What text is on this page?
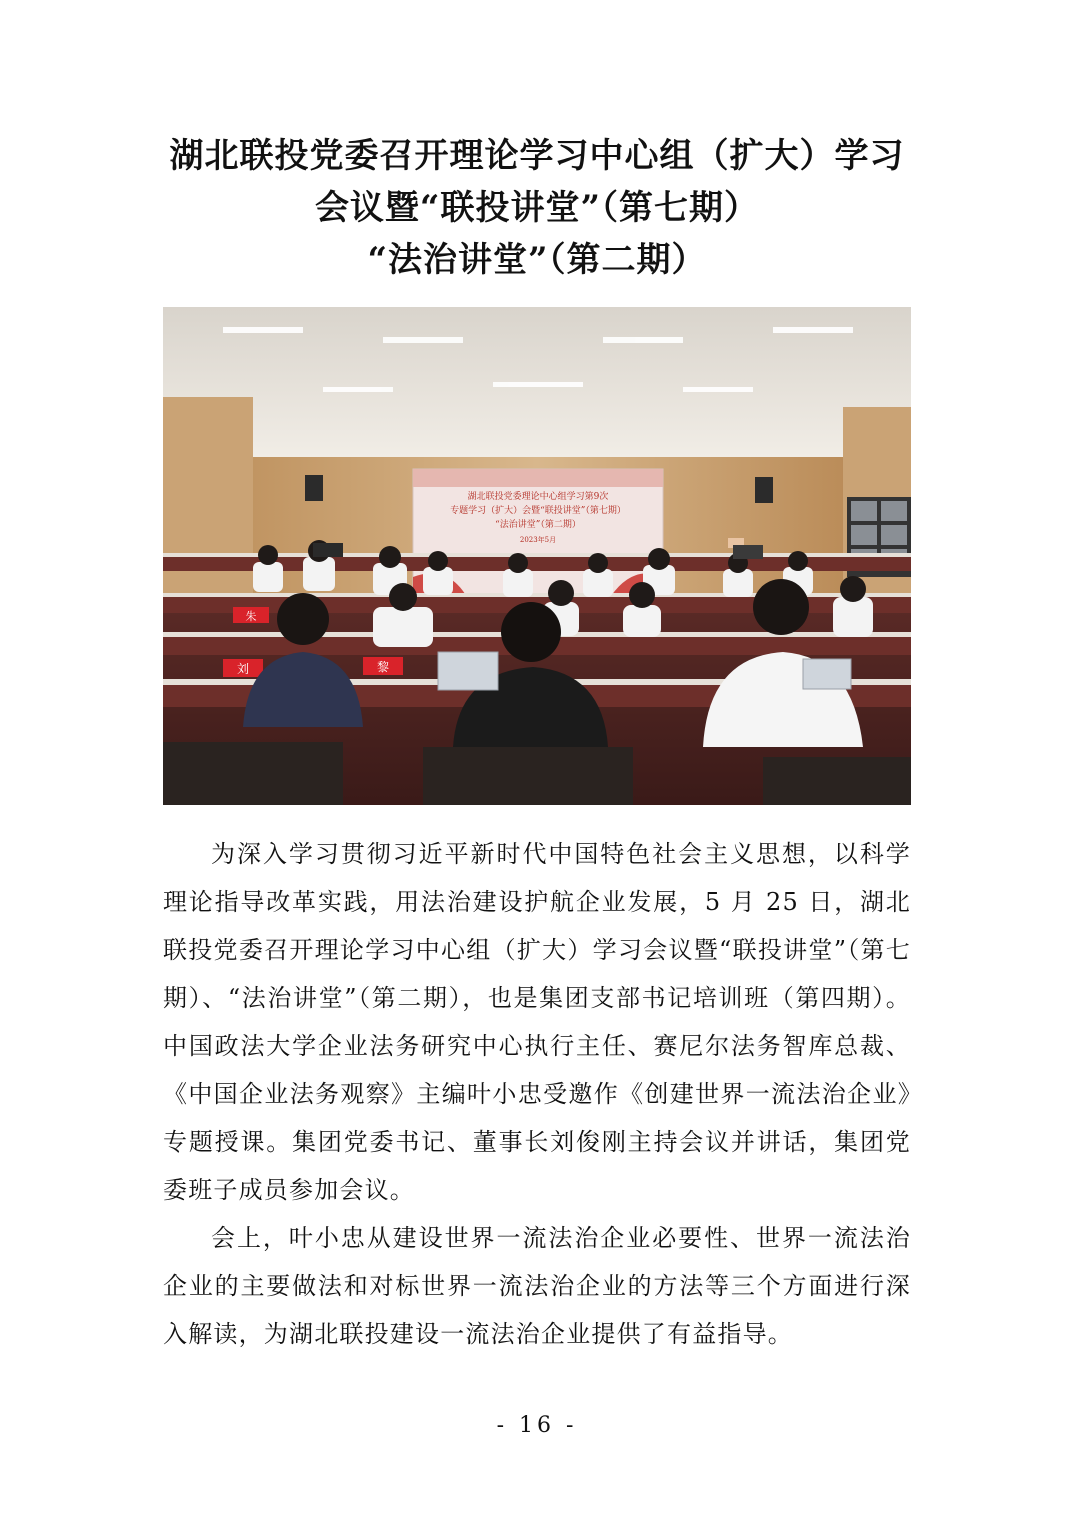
湖北联投党委召开理论学习中心组（扩大）学习
会议暨“联投讲堂”（第七期）
“法治讲堂”（第二期）
湖北联投党委理论中心组学习第9次
专题学习（扩大）会暨“联投讲堂”（第七期）
“法治讲堂”（第二期）
2023年5月
刘	黎
朱

为深入学习贯彻习近平新时代中国特色社会主义思想，以科学理论指导改革实践，用法治建设护航企业发展，5 月 25 日，湖北联投党委召开理论学习中心组（扩大）学习会议暨“联投讲堂”（第七期）、“法治讲堂”（第二期），也是集团支部书记培训班（第四期）。中国政法大学企业法务研究中心执行主任、赛尼尔法务智库总裁、《中国企业法务观察》主编叶小忠受邀作《创建世界一流法治企业》专题授课。集团党委书记、董事长刘俊刚主持会议并讲话，集团党委班子成员参加会议。

会上，叶小忠从建设世界一流法治企业必要性、世界一流法治企业的主要做法和对标世界一流法治企业的方法等三个方面进行深入解读，为湖北联投建设一流法治企业提供了有益指导。

- 16 -
